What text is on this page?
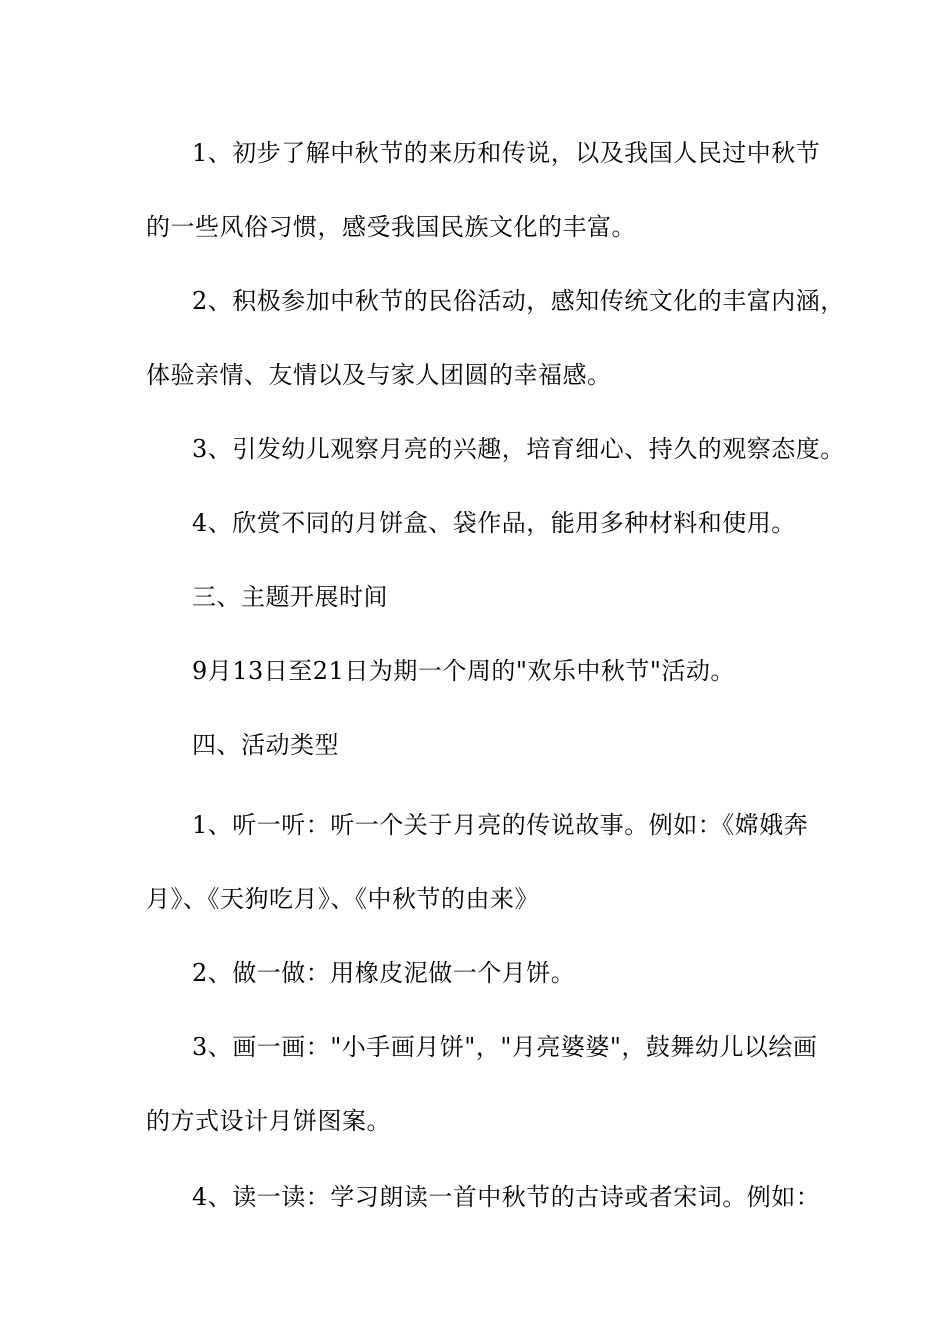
1、初步了解中秋节的来历和传说，以及我国人民过中秋节
的一些风俗习惯，感受我国民族文化的丰富。
2、积极参加中秋节的民俗活动，感知传统文化的丰富内涵，
体验亲情、友情以及与家人团圆的幸福感。
3、引发幼儿观察月亮的兴趣，培育细心、持久的观察态度。
4、欣赏不同的月饼盒、袋作品，能用多种材料和使用。
三、主题开展时间
9月13日至21日为期一个周的"欢乐中秋节"活动。
四、活动类型
1、听一听：听一个关于月亮的传说故事。例如：《嫦娥奔
月》、《天狗吃月》、《中秋节的由来》
2、做一做：用橡皮泥做一个月饼。
3、画一画："小手画月饼"，"月亮婆婆"，鼓舞幼儿以绘画
的方式设计月饼图案。
4、读一读：学习朗读一首中秋节的古诗或者宋词。例如：
